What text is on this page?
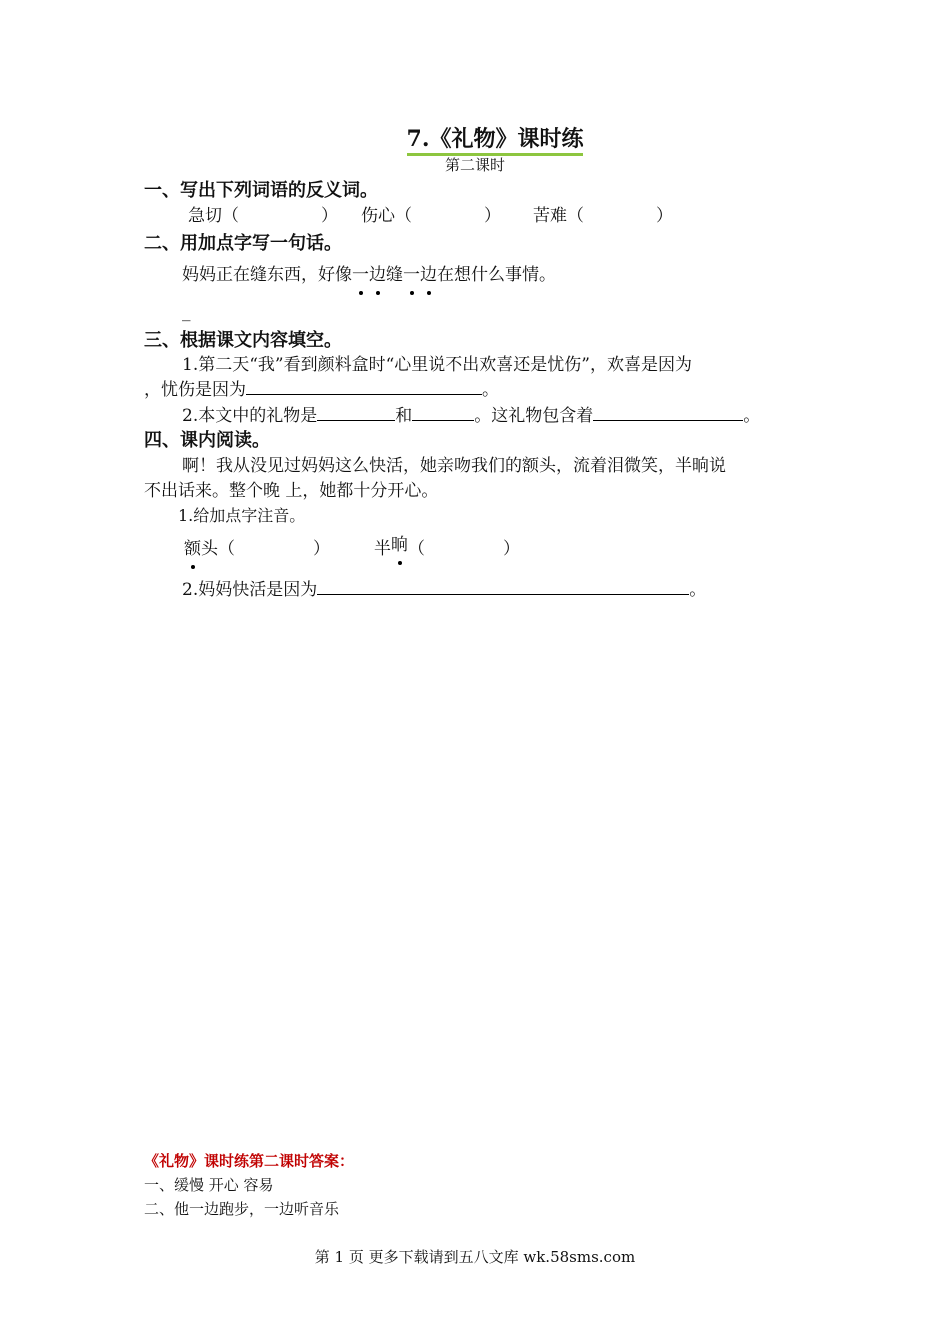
7.《礼物》课时练
第二课时
一、写出下列词语的反义词。
急切（	） 伤心（	） 苦难（	）
二、用加点字写一句话。
妈妈正在缝东西，好像一边缝一边在想什么事情。
_
三、根据课文内容填空。
1.第二天“我”看到颜料盒时“心里说不出欢喜还是忧伤”，欢喜是因为
，忧伤是因为	。
2.本文中的礼物是	和	。这礼物包含着	。
四、课内阅读。
啊！我从没见过妈妈这么快活，她亲吻我们的额头，流着泪微笑，半晌说
不出话来。整个晚 上，她都十分开心。
1.给加点字注音。
额头（	）	半晌（	）
2.妈妈快活是因为	。
《礼物》课时练第二课时答案：
一、缓慢 开心 容易
二、他一边跑步，一边听音乐
第 1 页 更多下载请到五八文库 wk.58sms.com
